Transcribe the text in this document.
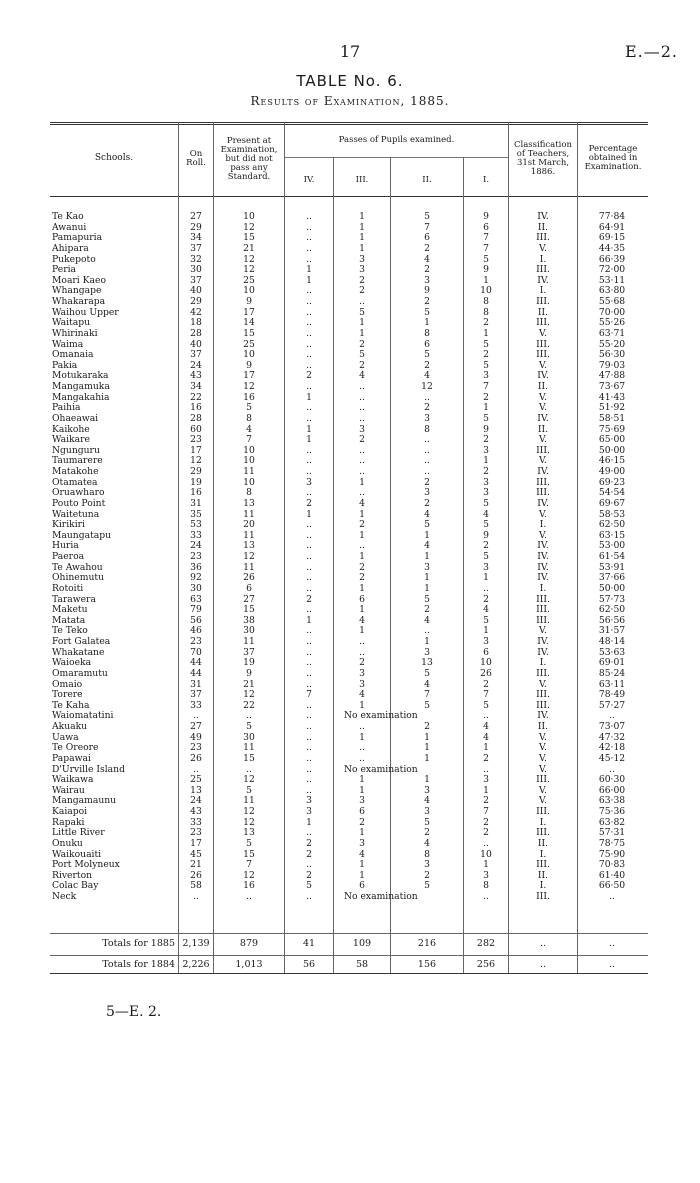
17	E.—2.
TABLE No. 6.
Results of Examination, 1885.
Schools.	On Roll.
Present at Examination, but did not pass any Standard.
Passes of Pupils examined.
IV.	III.	II.	I.
Classification of Teachers, 31st March, 1886.
Percentage obtained in Examination.
Te Kao	27	10	..	1	5	9	IV.	77·84
Awanui	29	12	..	1	7	6	II.	64·91
Pamapuria	34	15	..	1	6	7	III.	69·15
Ahipara	37	21	..	1	2	7	V.	44·35
Pukepoto	32	12	..	3	4	5	I.	66·39
Peria	30	12	1	3	2	9	III.	72·00
Moari Kaeo	37	25	1	2	3	1	IV.	53·11
Whangape	40	10	..	2	9	10	I.	63·80
Whakarapa	29	9	..	..	2	8	III.	55·68
Waihou Upper	42	17	..	5	5	8	II.	70·00
Waitapu	18	14	..	1	1	2	III.	55·26
Whirinaki	28	15	..	1	8	1	V.	63·71
Waima	40	25	..	2	6	5	III.	55·20
Omanaia	37	10	..	5	5	2	III.	56·30
Pakia	24	9	..	2	2	5	V.	79·03
Motukaraka	43	17	2	4	4	3	IV.	47·88
Mangamuka	34	12	..	..	12	7	II.	73·67
Mangakahia	22	16	1	..	..	2	V.	41·43
Paihia	16	5	..	..	2	1	V.	51·92
Ohaeawai	28	8	..	..	3	5	IV.	58·51
Kaikohe	60	4	1	3	8	9	II.	75·69
Waikare	23	7	1	2	..	2	V.	65·00
Ngunguru	17	10	..	..	..	3	III.	50·00
Taumarere	12	10	..	..	..	1	V.	46·15
Matakohe	29	11	..	..	..	2	IV.	49·00
Otamatea	19	10	3	1	2	3	III.	69·23
Oruawharo	16	8	..	..	3	3	III.	54·54
Pouto Point	31	13	2	4	2	5	IV.	69·67
Waitetuna	35	11	1	1	4	4	V.	58·53
Kirikiri	53	20	..	2	5	5	I.	62·50
Maungatapu	33	11	..	1	1	9	V.	63·15
Huria	24	13	..	..	4	2	IV.	53·00
Paeroa	23	12	..	1	1	5	IV.	61·54
Te Awahou	36	11	..	2	3	3	IV.	53·91
Ohinemutu	92	26	..	2	1	1	IV.	37·66
Rotoiti	30	6	..	1	1	..	I.	50·00
Tarawera	63	27	2	6	5	2	III.	57·73
Maketu	79	15	..	1	2	4	III.	62·50
Matata	56	38	1	4	4	5	III.	56·56
Te Teko	46	30	..	1	..	1	V.	31·57
Fort Galatea	23	11	..	..	1	3	IV.	48·14
Whakatane	70	37	..	..	3	6	IV.	53·63
Waioeka	44	19	..	2	13	10	I.	69·01
Omaramutu	44	9	..	3	5	26	III.	85·24
Omaio	31	21	..	3	4	2	V.	63·11
Torere	37	12	7	4	7	7	III.	78·49
Te Kaha	33	22	..	1	5	5	III.	57·27
Waiomatatini	..	..	..	No examination	..	IV.	..
Akuaku	27	5	..	..	2	4	II.	73·07
Uawa	49	30	..	1	1	4	V.	47·32
Te Oreore	23	11	..	..	1	1	V.	42·18
Papawai	26	15	..	..	1	2	V.	45·12
D'Urville Island	..	..	..	No examination	..	V.	..
Waikawa	25	12	..	1	1	3	III.	60·30
Wairau	13	5	..	1	3	1	V.	66·00
Mangamaunu	24	11	3	3	4	2	V.	63·38
Kaiapoi	43	12	3	6	3	7	III.	75·36
Rapaki	33	12	1	2	5	2	I.	63·82
Little River	23	13	..	1	2	2	III.	57·31
Onuku	17	5	2	3	4	..	II.	78·75
Waikouaiti	45	15	2	4	8	10	I.	75·90
Port Molyneux	21	7	..	1	3	1	III.	70·83
Riverton	26	12	2	1	2	3	II.	61·40
Colac Bay	58	16	5	6	5	8	I.	66·50
Neck	..	..	..	No examination	..	III.	..
Totals for 1885 2,139	879	41	109	216	282	..	..
Totals for 1884 2,226	1,013	56	58	156	256	..	..
5—E. 2.
